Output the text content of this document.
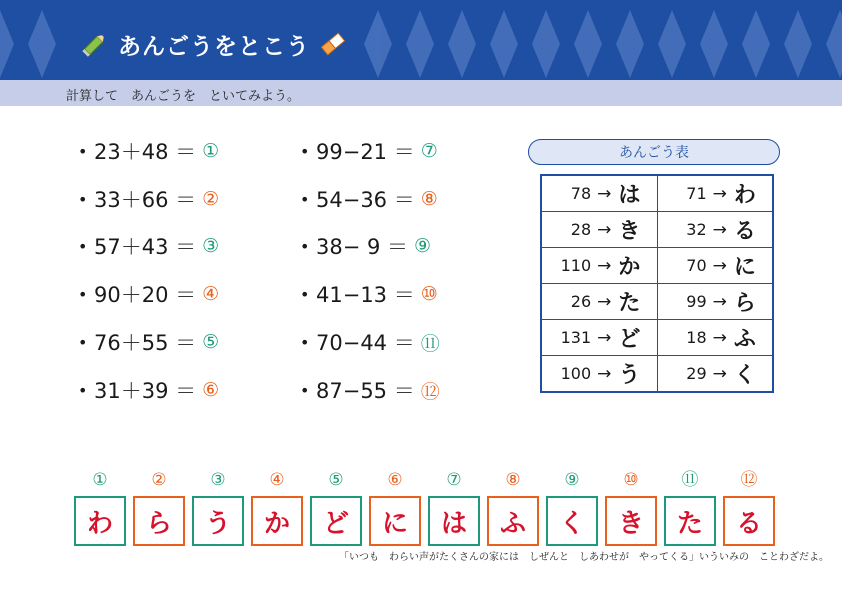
あんごうをとこう
計算して　あんごうを　といてみよう。
• 23＋48 ＝ ①
• 33＋66 ＝ ②
• 57＋43 ＝ ③
• 90＋20 ＝ ④
• 76＋55 ＝ ⑤
• 31＋39 ＝ ⑥
• 99−21 ＝ ⑦
• 54−36 ＝ ⑧
• 38− 9 ＝ ⑨
• 41−13 ＝ ⑩
• 70−44 ＝ ⑪
• 87−55 ＝ ⑫
あんごう表
78 → は	71 → わ

28 → き	32 → る

110 → か	70 → に

26 → た	99 → ら

131 → ど	18 → ふ

100 → う	29 → く
①
わ
②
ら
③
う
④
か
⑤
ど
⑥
に
⑦
は
⑧
ふ
⑨
く
⑩
き
⑪
た
⑫
る
「いつも　わらい声がたくさんの家には　しぜんと　しあわせが　やってくる」いういみの　ことわざだよ。
